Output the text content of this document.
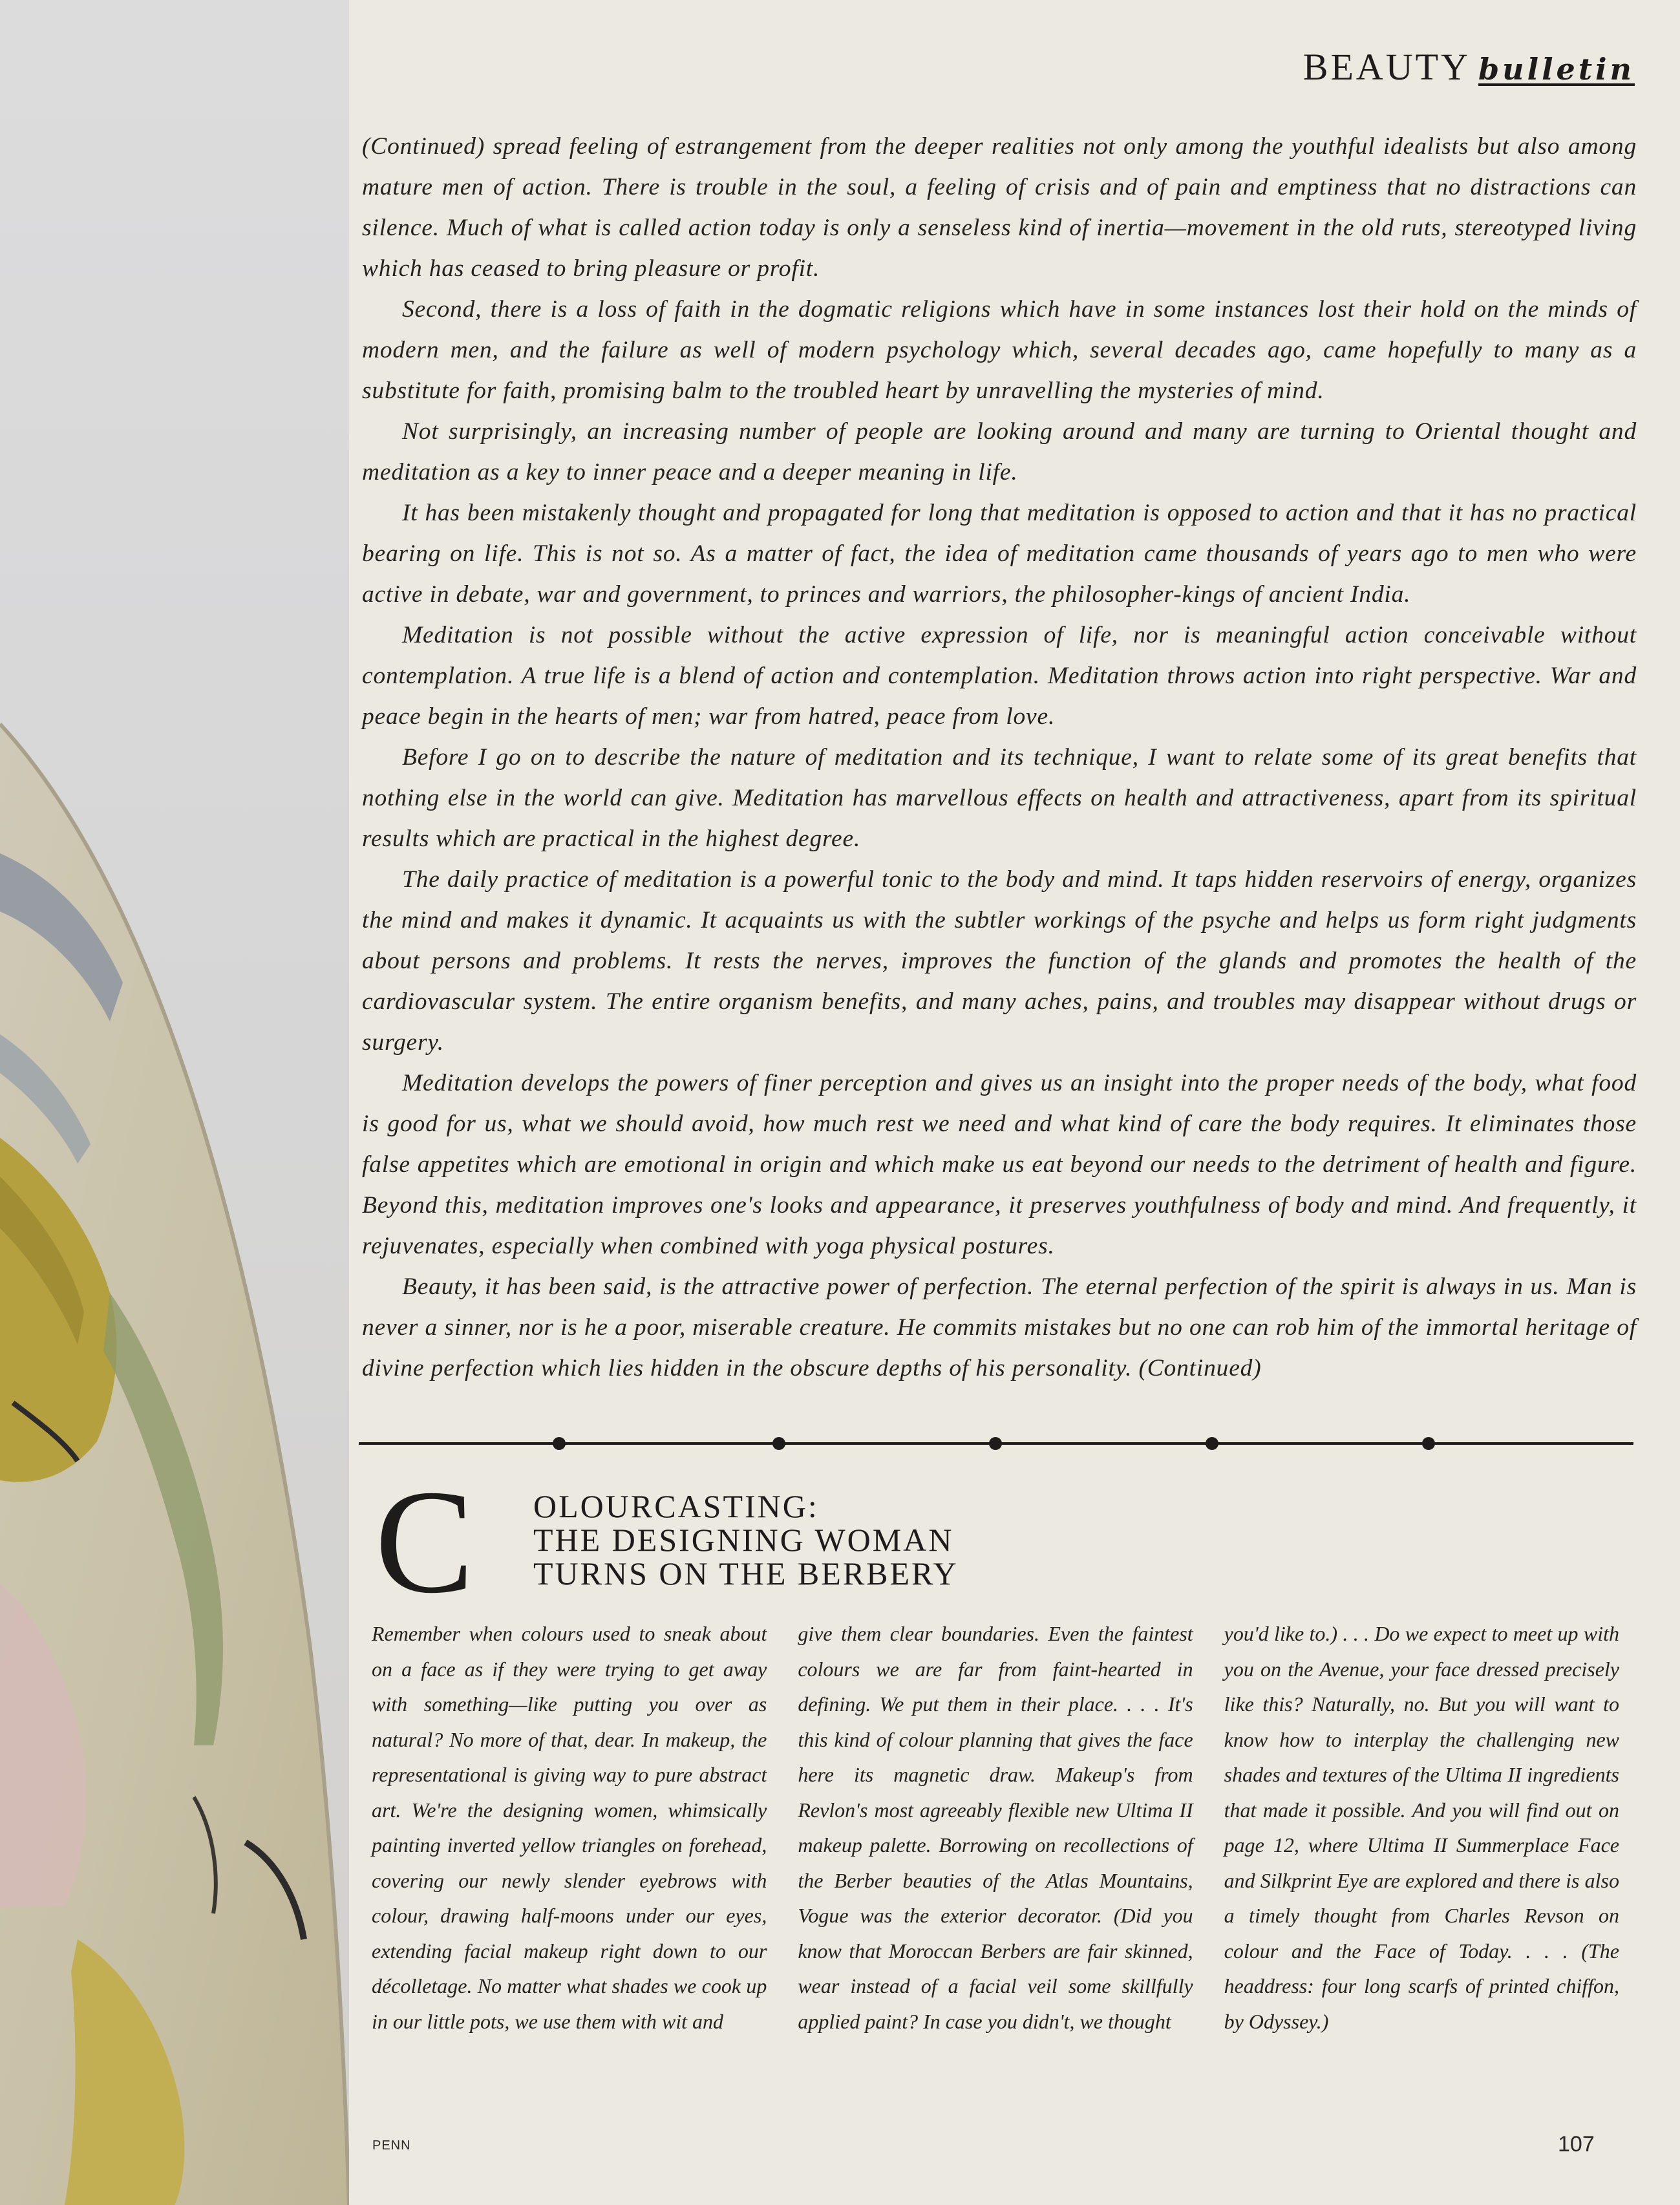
BEAUTY bulletin

(Continued) spread feeling of estrangement from the deeper realities not only among the youthful idealists but also among mature men of action. There is trouble in the soul, a feeling of crisis and of pain and emptiness that no distractions can silence. Much of what is called action today is only a senseless kind of inertia—movement in the old ruts, stereotyped living which has ceased to bring pleasure or profit.

Second, there is a loss of faith in the dogmatic religions which have in some instances lost their hold on the minds of modern men, and the failure as well of modern psychology which, several decades ago, came hopefully to many as a substitute for faith, promising balm to the troubled heart by unravelling the mysteries of mind.

Not surprisingly, an increasing number of people are looking around and many are turning to Oriental thought and meditation as a key to inner peace and a deeper meaning in life.

It has been mistakenly thought and propagated for long that meditation is opposed to action and that it has no practical bearing on life. This is not so. As a matter of fact, the idea of meditation came thousands of years ago to men who were active in debate, war and government, to princes and warriors, the philosopher-kings of ancient India.

Meditation is not possible without the active expression of life, nor is meaningful action conceivable without contemplation. A true life is a blend of action and contemplation. Meditation throws action into right perspective. War and peace begin in the hearts of men; war from hatred, peace from love.

Before I go on to describe the nature of meditation and its technique, I want to relate some of its great benefits that nothing else in the world can give. Meditation has marvellous effects on health and attractiveness, apart from its spiritual results which are practical in the highest degree.

The daily practice of meditation is a powerful tonic to the body and mind. It taps hidden reservoirs of energy, organizes the mind and makes it dynamic. It acquaints us with the subtler workings of the psyche and helps us form right judgments about persons and problems. It rests the nerves, improves the function of the glands and promotes the health of the cardiovascular system. The entire organism benefits, and many aches, pains, and troubles may disappear without drugs or surgery.

Meditation develops the powers of finer perception and gives us an insight into the proper needs of the body, what food is good for us, what we should avoid, how much rest we need and what kind of care the body requires. It eliminates those false appetites which are emotional in origin and which make us eat beyond our needs to the detriment of health and figure. Beyond this, meditation improves one's looks and appearance, it preserves youthfulness of body and mind. And frequently, it rejuvenates, especially when combined with yoga physical postures.

Beauty, it has been said, is the attractive power of perfection. The eternal perfection of the spirit is always in us. Man is never a sinner, nor is he a poor, miserable creature. He commits mistakes but no one can rob him of the immortal heritage of divine perfection which lies hidden in the obscure depths of his personality. (Continued)

C OLOURCASTING:
THE DESIGNING WOMAN
TURNS ON THE BERBERY
Remember when colours used to sneak about on a face as if they were trying to get away with something—like putting you over as natural? No more of that, dear. In makeup, the representational is giving way to pure abstract art. We're the designing women, whimsically painting inverted yellow triangles on forehead, covering our newly slender eyebrows with colour, drawing half-moons under our eyes, extending facial makeup right down to our décolletage. No matter what shades we cook up in our little pots, we use them with wit and
give them clear boundaries. Even the faintest colours we are far from faint-hearted in defining. We put them in their place. . . . It's this kind of colour planning that gives the face here its magnetic draw. Makeup's from Revlon's most agreeably flexible new Ultima II makeup palette. Borrowing on recollections of the Berber beauties of the Atlas Mountains, Vogue was the exterior decorator. (Did you know that Moroccan Berbers are fair skinned, wear instead of a facial veil some skillfully applied paint? In case you didn't, we thought
you'd like to.) . . . Do we expect to meet up with you on the Avenue, your face dressed precisely like this? Naturally, no. But you will want to know how to interplay the challenging new shades and textures of the Ultima II ingredients that made it possible. And you will find out on page 12, where Ultima II Summerplace Face and Silkprint Eye are explored and there is also a timely thought from Charles Revson on colour and the Face of Today. . . . (The headdress: four long scarfs of printed chiffon, by Odyssey.)
PENN	107
